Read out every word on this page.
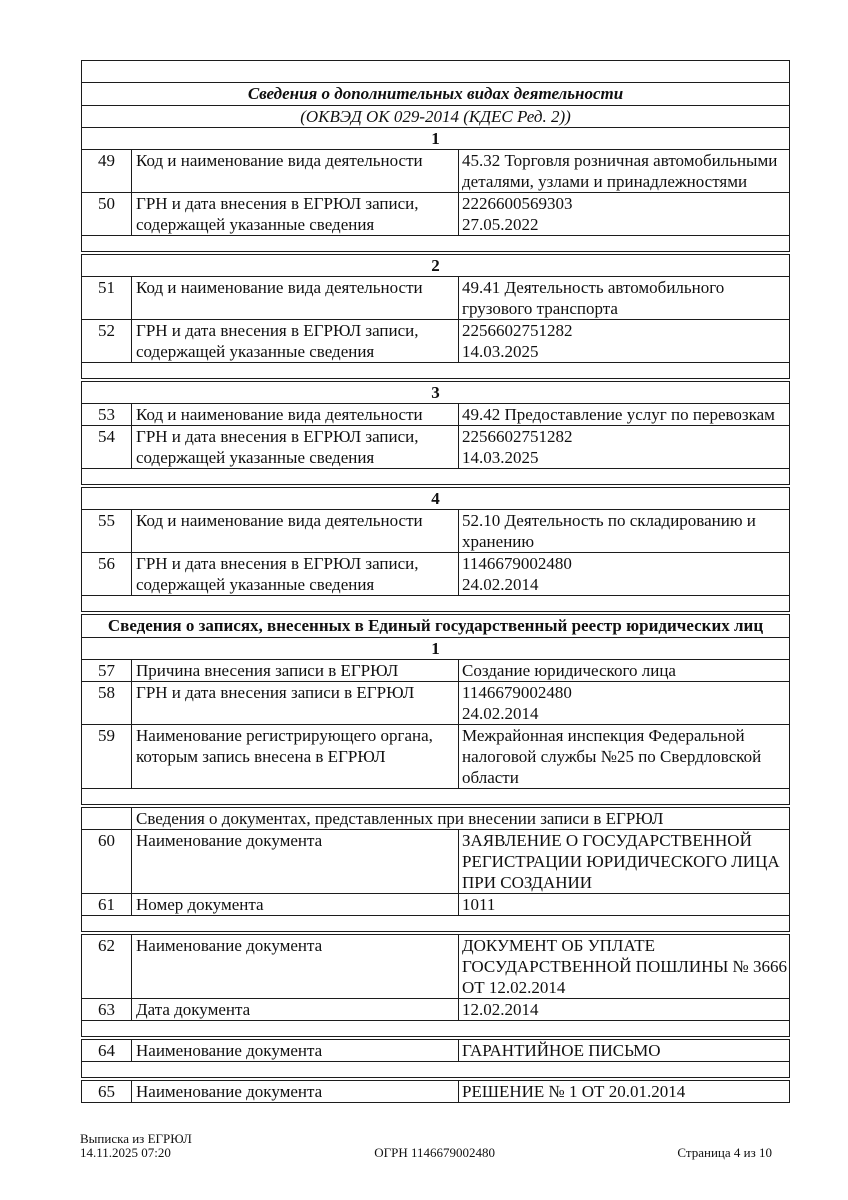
Сведения о дополнительных видах деятельности		
(ОКВЭД ОК 029-2014 (КДЕС Ред. 2))		
1		
49	Код и наименование вида деятельности	45.32 Торговля розничная автомобильными деталями, узлами и принадлежностями
50	ГРН и дата внесения в ЕГРЮЛ записи, содержащей указанные сведения	2226600569303
27.05.2022

2		
51	Код и наименование вида деятельности	49.41 Деятельность автомобильного грузового транспорта
52	ГРН и дата внесения в ЕГРЮЛ записи, содержащей указанные сведения	2256602751282
14.03.2025

3		
53	Код и наименование вида деятельности	49.42 Предоставление услуг по перевозкам
54	ГРН и дата внесения в ЕГРЮЛ записи, содержащей указанные сведения	2256602751282
14.03.2025

4		
55	Код и наименование вида деятельности	52.10 Деятельность по складированию и хранению
56	ГРН и дата внесения в ЕГРЮЛ записи, содержащей указанные сведения	1146679002480
24.02.2014

Сведения о записях, внесенных в Единый государственный реестр юридических лиц		
1		
57	Причина внесения записи в ЕГРЮЛ	Создание юридического лица
58	ГРН и дата внесения записи в ЕГРЮЛ	1146679002480
24.02.2014

59	Наименование регистрирующего органа, которым запись внесена в ЕГРЮЛ	Межрайонная инспекция Федеральной налоговой службы №25 по Свердловской области

	Сведения о документах, представленных при внесении записи в ЕГРЮЛ	
60	Наименование документа	ЗАЯВЛЕНИЕ О ГОСУДАРСТВЕННОЙ РЕГИСТРАЦИИ ЮРИДИЧЕСКОГО ЛИЦА ПРИ СОЗДАНИИ
61	Номер документа	1011

62	Наименование документа	ДОКУМЕНТ ОБ УПЛАТЕ ГОСУДАРСТВЕННОЙ ПОШЛИНЫ № 3666 ОТ 12.02.2014
63	Дата документа	12.02.2014

64	Наименование документа	ГАРАНТИЙНОЕ ПИСЬМО

65	Наименование документа	РЕШЕНИЕ № 1 ОТ 20.01.2014
Выписка из ЕГРЮЛ
14.11.2025 07:20	ОГРН 1146679002480	Страница 4 из 10
